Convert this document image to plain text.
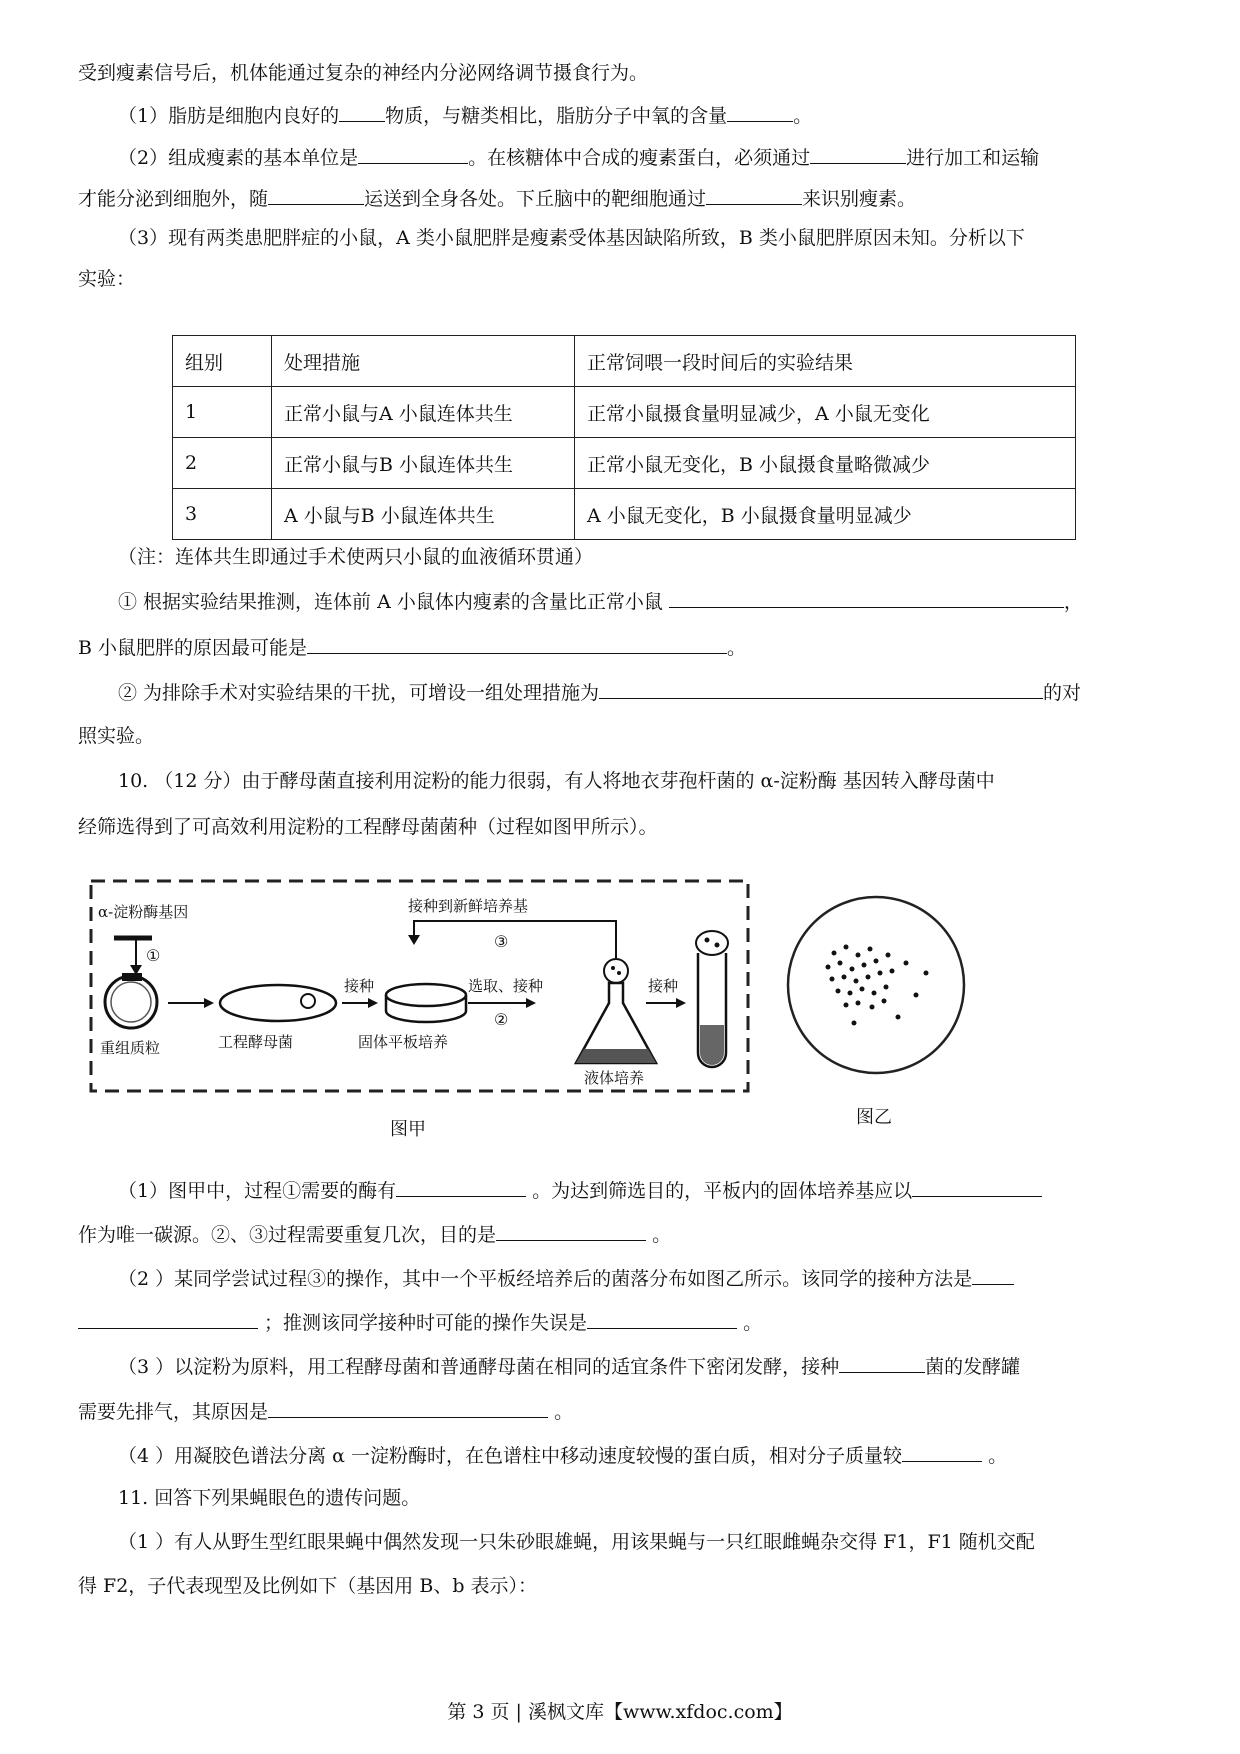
受到瘦素信号后，机体能通过复杂的神经内分泌网络调节摄食行为。
（1）脂肪是细胞内良好的 物质，与糖类相比，脂肪分子中氧的含量	。
（2）组成瘦素的基本单位是	。在核糖体中合成的瘦素蛋白，必须通过	进行加工和运输
才能分泌到细胞外，随	运送到全身各处。下丘脑中的靶细胞通过	来识别瘦素。
（3）现有两类患肥胖症的小鼠，A 类小鼠肥胖是瘦素受体基因缺陷所致，B 类小鼠肥胖原因未知。分析以下
实验：
组别	处理措施	正常饲喂一段时间后的实验结果
1	正常小鼠与A 小鼠连体共生	正常小鼠摄食量明显减少，A 小鼠无变化
2	正常小鼠与B 小鼠连体共生	正常小鼠无变化，B 小鼠摄食量略微减少
3	A 小鼠与B 小鼠连体共生	A 小鼠无变化，B 小鼠摄食量明显减少
（注：连体共生即通过手术使两只小鼠的血液循环贯通）
① 根据实验结果推测，连体前 A 小鼠体内瘦素的含量比正常小鼠	，
B 小鼠肥胖的原因最可能是	。
② 为排除手术对实验结果的干扰，可增设一组处理措施为	的对
照实验。
10. （12 分）由于酵母菌直接利用淀粉的能力很弱，有人将地衣芽孢杆菌的 α-淀粉酶 基因转入酵母菌中
经筛选得到了可高效利用淀粉的工程酵母菌菌种（过程如图甲所示）。
α-淀粉酶基因
①
重组质粒	工程酵母菌
接种
固体平板培养
选取、接种
②
接种到新鲜培养基
③
液体培养
接种
图甲
图乙
（1）图甲中，过程①需要的酶有	。为达到筛选目的，平板内的固体培养基应以
作为唯一碳源。②、③过程需要重复几次，目的是	。
（2 ）某同学尝试过程③的操作，其中一个平板经培养后的菌落分布如图乙所示。该同学的接种方法是
；推测该同学接种时可能的操作失误是	。
（3 ）以淀粉为原料，用工程酵母菌和普通酵母菌在相同的适宜条件下密闭发酵，接种	菌的发酵罐
需要先排气，其原因是	。
（4 ）用凝胶色谱法分离 α 一淀粉酶时，在色谱柱中移动速度较慢的蛋白质，相对分子质量较	。
11. 回答下列果蝇眼色的遗传问题。
（1 ）有人从野生型红眼果蝇中偶然发现一只朱砂眼雄蝇，用该果蝇与一只红眼雌蝇杂交得 F1，F1 随机交配
得 F2，子代表现型及比例如下（基因用 B、b 表示）：
第 3 页 | 溪枫文库【www.xfdoc.com】
